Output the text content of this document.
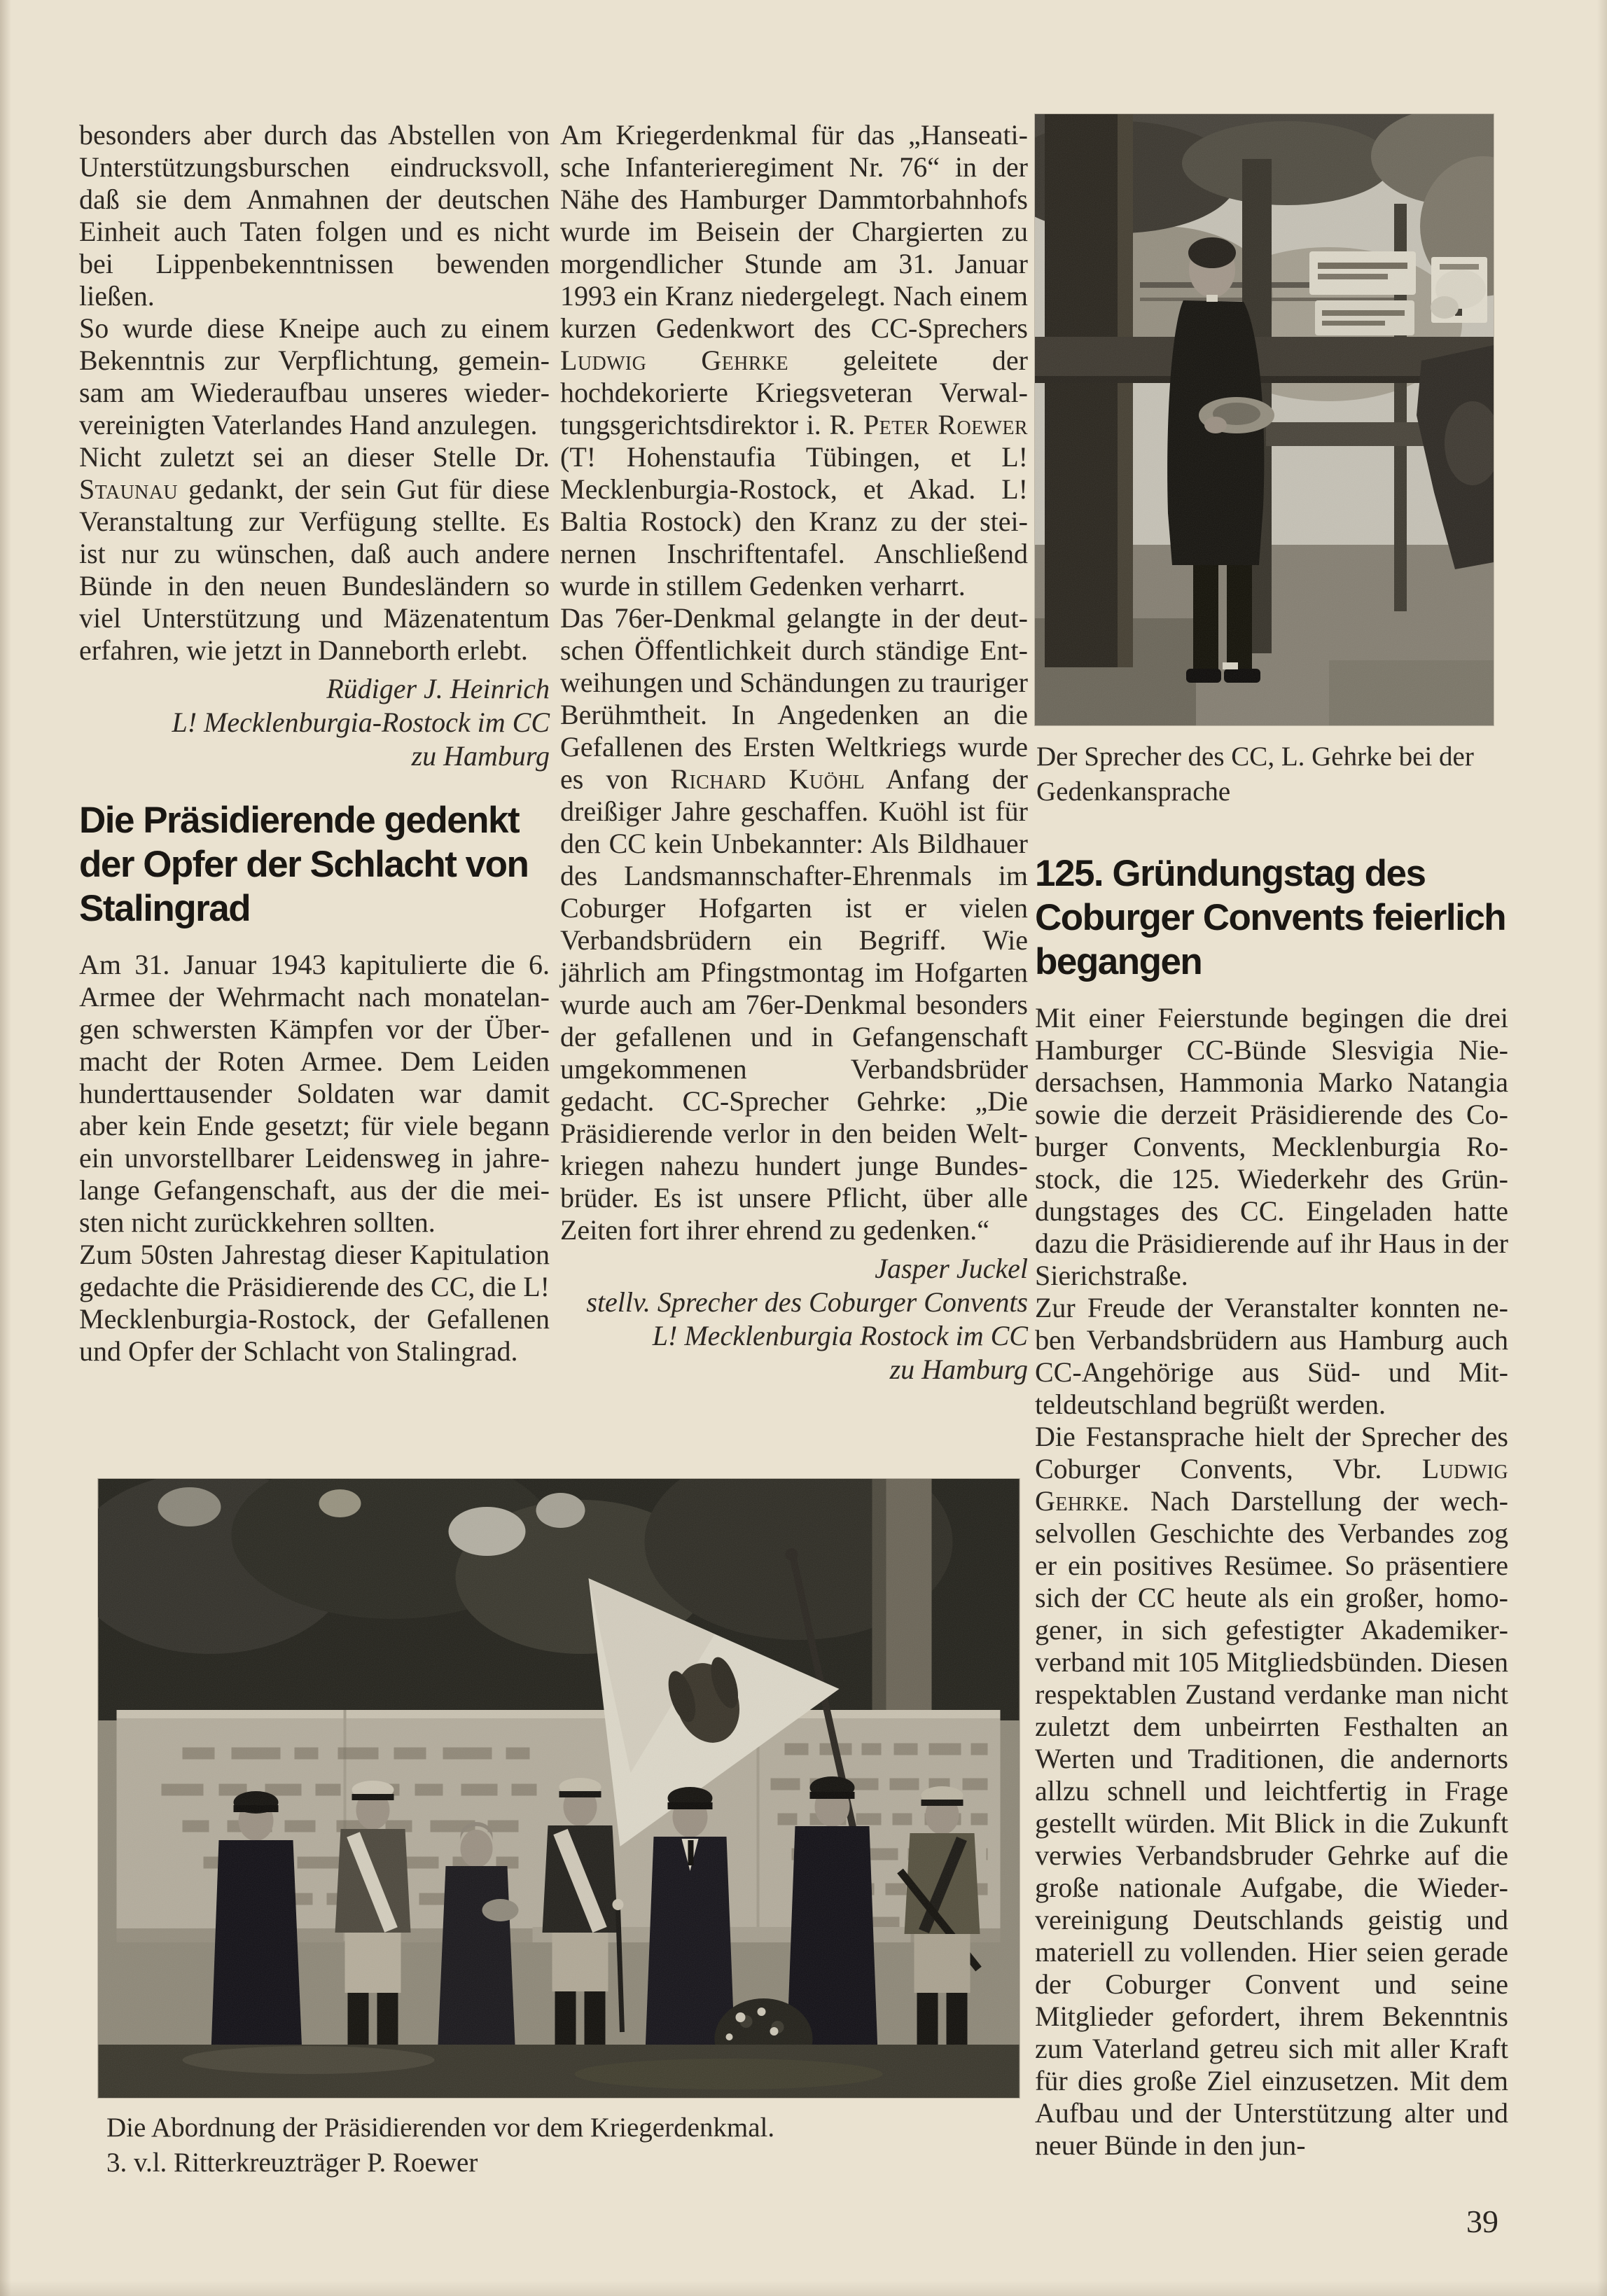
besonders aber durch das Abstellen von Unterstützungsburschen eindrucksvoll, daß sie dem Anmahnen der deutschen Einheit auch Taten folgen und es nicht bei Lippenbekenntnissen bewenden ließen.

So wurde diese Kneipe auch zu einem Bekenntnis zur Verpflichtung, gemeinsam am Wiederaufbau unseres wiedervereinigten Vaterlandes Hand anzulegen.

Nicht zuletzt sei an dieser Stelle Dr. Staunau gedankt, der sein Gut für diese Veranstaltung zur Verfügung stellte. Es ist nur zu wünschen, daß auch andere Bünde in den neuen Bundesländern so viel Unterstützung und Mäzenatentum erfahren, wie jetzt in Danneborth erlebt.

Rüdiger J. Heinrich
L! Mecklenburgia-Rostock im CC
zu Hamburg
Die Präsidierende gedenkt der Opfer der Schlacht von Stalingrad

Am 31. Januar 1943 kapitulierte die 6. Armee der Wehrmacht nach monatelangen schwersten Kämpfen vor der Übermacht der Roten Armee. Dem Leiden hunderttausender Soldaten war damit aber kein Ende gesetzt; für viele begann ein unvorstellbarer Leidensweg in jahrelange Gefangenschaft, aus der die meisten nicht zurückkehren sollten.

Zum 50sten Jahrestag dieser Kapitulation gedachte die Präsidierende des CC, die L! Mecklenburgia-Rostock, der Gefallenen und Opfer der Schlacht von Stalingrad.

Am Kriegerdenkmal für das „Hanseatische Infanterieregiment Nr. 76“ in der Nähe des Hamburger Dammtorbahnhofs wurde im Beisein der Chargierten zu morgendlicher Stunde am 31. Januar 1993 ein Kranz niedergelegt. Nach einem kurzen Gedenkwort des CC-Sprechers Ludwig Gehrke geleitete der hochdekorierte Kriegsveteran Verwaltungsgerichtsdirektor i. R. Peter Roewer (T! Hohenstaufia Tübingen, et L! Mecklenburgia-Rostock, et Akad. L! Baltia Rostock) den Kranz zu der steinernen Inschriftentafel. Anschließend wurde in stillem Gedenken verharrt.

Das 76er-Denkmal gelangte in der deutschen Öffentlichkeit durch ständige Entweihungen und Schändungen zu trauriger Berühmtheit. In Angedenken an die Gefallenen des Ersten Weltkriegs wurde es von Richard Kuöhl Anfang der dreißiger Jahre geschaffen. Kuöhl ist für den CC kein Unbekannter: Als Bildhauer des Landsmannschafter-Ehrenmals im Coburger Hofgarten ist er vielen Verbandsbrüdern ein Begriff. Wie jährlich am Pfingstmontag im Hofgarten wurde auch am 76er-Denkmal besonders der gefallenen und in Gefangenschaft umgekommenen Verbandsbrüder gedacht. CC-Sprecher Gehrke: „Die Präsidierende verlor in den beiden Weltkriegen nahezu hundert junge Bundesbrüder. Es ist unsere Pflicht, über alle Zeiten fort ihrer ehrend zu gedenken.“

Jasper Juckel
stellv. Sprecher des Coburger Convents
L! Mecklenburgia Rostock im CC
zu Hamburg
Der Sprecher des CC, L. Gehrke bei der Gedenkansprache
125. Gründungstag des Coburger Convents feierlich begangen

Mit einer Feierstunde begingen die drei Hamburger CC-Bünde Slesvigia Niedersachsen, Hammonia Marko Natangia sowie die derzeit Präsidierende des Coburger Convents, Mecklenburgia Rostock, die 125. Wiederkehr des Gründungstages des CC. Eingeladen hatte dazu die Präsidierende auf ihr Haus in der Sierichstraße.

Zur Freude der Veranstalter konnten neben Verbandsbrüdern aus Hamburg auch CC-Angehörige aus Süd- und Mitteldeutschland begrüßt werden.

Die Festansprache hielt der Sprecher des Coburger Convents, Vbr. Ludwig Gehrke. Nach Darstellung der wechselvollen Geschichte des Verbandes zog er ein positives Resümee. So präsentiere sich der CC heute als ein großer, homogener, in sich gefestigter Akademikerverband mit 105 Mitgliedsbünden. Diesen respektablen Zustand verdanke man nicht zuletzt dem unbeirrten Festhalten an Werten und Traditionen, die andernorts allzu schnell und leichtfertig in Frage gestellt würden. Mit Blick in die Zukunft verwies Verbandsbruder Gehrke auf die große nationale Aufgabe, die Wiedervereinigung Deutschlands geistig und materiell zu vollenden. Hier seien gerade der Coburger Convent und seine Mitglieder gefordert, ihrem Bekenntnis zum Vaterland getreu sich mit aller Kraft für dies große Ziel einzusetzen. Mit dem Aufbau und der Unterstützung alter und neuer Bünde in den jun-

Die Abordnung der Präsidierenden vor dem Kriegerdenkmal.
3. v.l. Ritterkreuzträger P. Roewer
39
